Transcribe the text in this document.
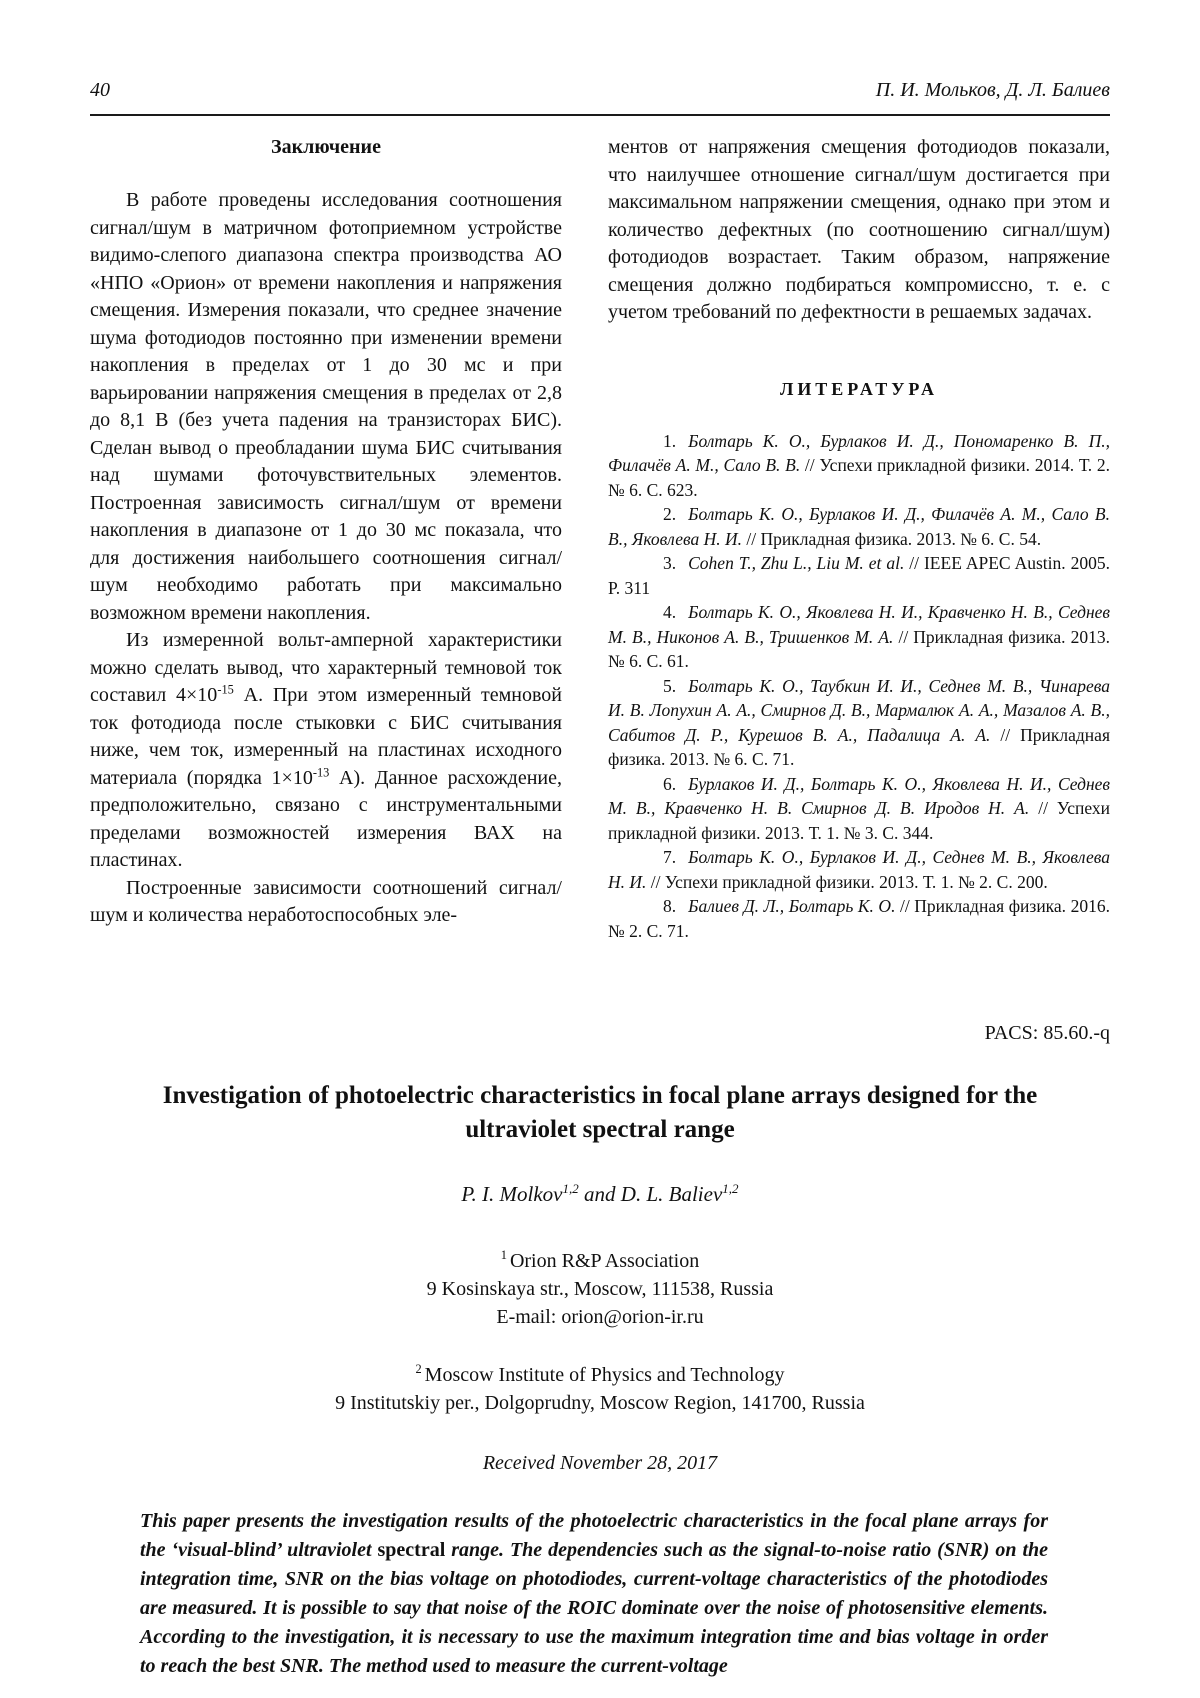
40	П. И. Мольков, Д. Л. Балиев

Заключение

В работе проведены исследования соотношения сигнал/шум в матричном фотоприемном устройстве видимо-слепого диапазона спектра производства АО «НПО «Орион» от времени накопления и напряжения смещения. Измерения показали, что среднее значение шума фотодиодов постоянно при изменении времени накопления в пределах от 1 до 30 мс и при варьировании напряжения смещения в пределах от 2,8 до 8,1 В (без учета падения на транзисторах БИС). Сделан вывод о преобладании шума БИС считывания над шумами фоточувствительных элементов. Построенная зависимость сигнал/шум от времени накопления в диапазоне от 1 до 30 мс показала, что для достижения наибольшего соотношения сигнал/шум необходимо работать при максимально возможном времени накопления.

Из измеренной вольт-амперной характеристики можно сделать вывод, что характерный темновой ток составил $4\times 10^{-15}$ А. При этом измеренный темновой ток фотодиода после стыковки с БИС считывания ниже, чем ток, измеренный на пластинах исходного материала (порядка $1\times 10^{-13}$ А). Данное расхождение, предположительно, связано с инструментальными пределами возможностей измерения ВАХ на пластинах.

Построенные зависимости соотношений сигнал/шум и количества неработоспособных эле-

ментов от напряжения смещения фотодиодов показали, что наилучшее отношение сигнал/шум достигается при максимальном напряжении смещения, однако при этом и количество дефектных (по соотношению сигнал/шум) фотодиодов возрастает. Таким образом, напряжение смещения должно подбираться компромиссно, т. е. с учетом требований по дефектности в решаемых задачах.

ЛИТЕРАТУРА

1. Болтарь К. О., Бурлаков И. Д., Пономаренко В. П., Филачёв А. М., Сало В. В. // Успехи прикладной физики. 2014. Т. 2. № 6. С. 623.

2. Болтарь К. О., Бурлаков И. Д., Филачёв А. М., Сало В. В., Яковлева Н. И. // Прикладная физика. 2013. № 6. С. 54.

3. Cohen T., Zhu L., Liu M. et al. // IEEE APEC Austin. 2005. P. 311

4. Болтарь К. О., Яковлева Н. И., Кравченко Н. В., Седнев М. В., Никонов А. В., Тришенков М. А. // Прикладная физика. 2013. № 6. С. 61.

5. Болтарь К. О., Таубкин И. И., Седнев М. В., Чинарева И. В. Лопухин А. А., Смирнов Д. В., Мармалюк А. А., Мазалов А. В., Сабитов Д. Р., Курешов В. А., Падалица А. А. // Прикладная физика. 2013. № 6. С. 71.

6. Бурлаков И. Д., Болтарь К. О., Яковлева Н. И., Седнев М. В., Кравченко Н. В. Смирнов Д. В. Иродов Н. А. // Успехи прикладной физики. 2013. Т. 1. № 3. С. 344.

7. Болтарь К. О., Бурлаков И. Д., Седнев М. В., Яковлева Н. И. // Успехи прикладной физики. 2013. Т. 1. № 2. С. 200.

8. Балиев Д. Л., Болтарь К. О. // Прикладная физика. 2016. № 2. С. 71.

PACS: 85.60.-q
Investigation of photoelectric characteristics in focal plane arrays designed for the ultraviolet spectral range
P. I. Molkov$^{1,2}$ and D. L. Baliev$^{1,2}$
$^1$ Orion R&P Association
9 Kosinskaya str., Moscow, 111538, Russia
E-mail: orion@orion-ir.ru
$^2$ Moscow Institute of Physics and Technology
9 Institutskiy per., Dolgoprudny, Moscow Region, 141700, Russia
Received November 28, 2017
This paper presents the investigation results of the photoelectric characteristics in the focal plane arrays for the ‘visual-blind’ ultraviolet spectral range. The dependencies such as the signal-to-noise ratio (SNR) on the integration time, SNR on the bias voltage on photodiodes, current-voltage characteristics of the photodiodes are measured. It is possible to say that noise of the ROIC dominate over the noise of photosensitive elements. According to the investigation, it is necessary to use the maximum integration time and bias voltage in order to reach the best SNR. The method used to measure the current-voltage
